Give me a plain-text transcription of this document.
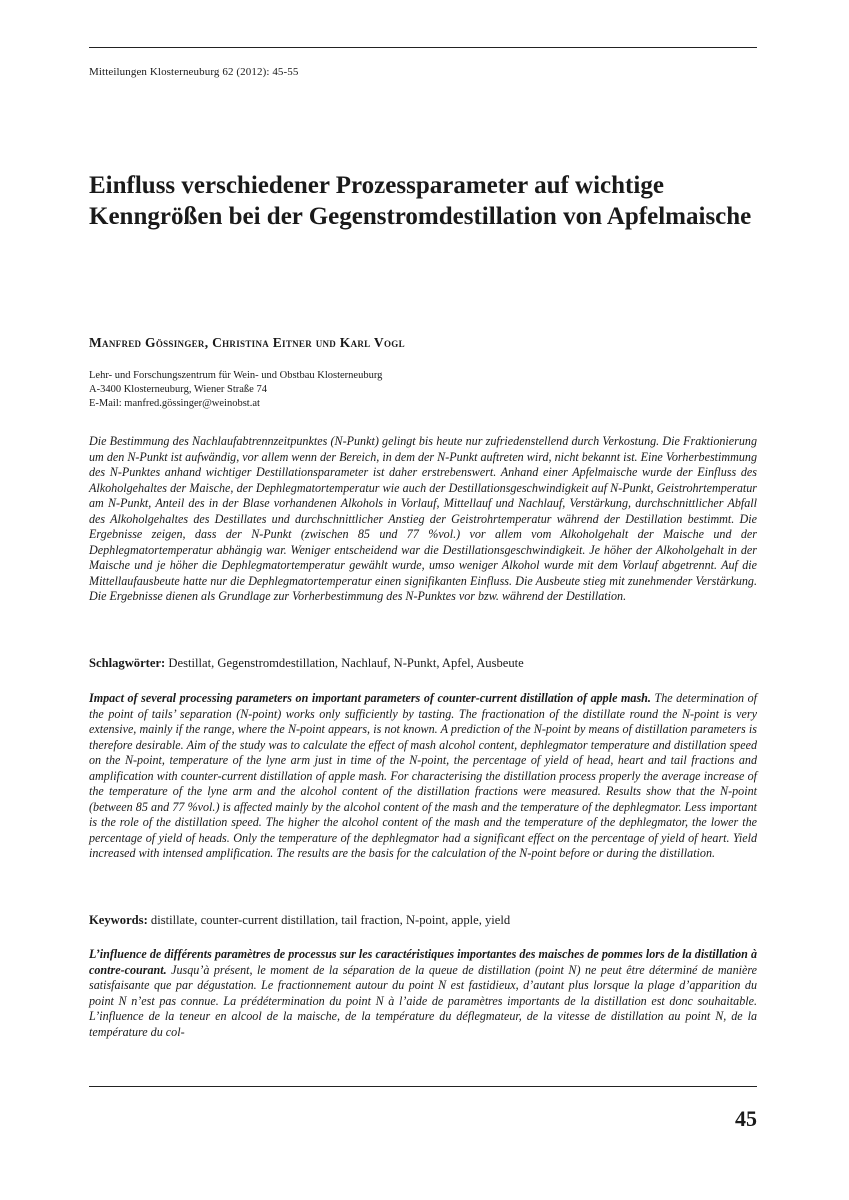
Mitteilungen Klosterneuburg 62 (2012): 45-55
Einfluss verschiedener Prozessparameter auf wichtige Kenngrößen bei der Gegenstromdestillation von Apfelmaische
Manfred Gössinger, Christina Eitner und Karl Vogl
Lehr- und Forschungszentrum für Wein- und Obstbau Klosterneuburg
A-3400 Klosterneuburg, Wiener Straße 74
E-Mail: manfred.gössinger@weinobst.at

Die Bestimmung des Nachlaufabtrennzeitpunktes (N-Punkt) gelingt bis heute nur zufriedenstellend durch Verkostung. Die Fraktionierung um den N-Punkt ist aufwändig, vor allem wenn der Bereich, in dem der N-Punkt auftreten wird, nicht bekannt ist. Eine Vorherbestimmung des N-Punktes anhand wichtiger Destillationsparameter ist daher erstrebenswert. Anhand einer Apfelmaische wurde der Einfluss des Alkoholgehaltes der Maische, der Dephlegmatortemperatur wie auch der Destillationsgeschwindigkeit auf N-Punkt, Geistrohrtemperatur am N-Punkt, Anteil des in der Blase vorhandenen Alkohols in Vorlauf, Mittellauf und Nachlauf, Verstärkung, durchschnittlicher Abfall des Alkoholgehaltes des Destillates und durchschnittlicher Anstieg der Geistrohrtemperatur während der Destillation bestimmt. Die Ergebnisse zeigen, dass der N-Punkt (zwischen 85 und 77 %vol.) vor allem vom Alkoholgehalt der Maische und der Dephlegmatortemperatur abhängig war. Weniger entscheidend war die Destillationsgeschwindigkeit. Je höher der Alkoholgehalt in der Maische und je höher die Dephlegmatortemperatur gewählt wurde, umso weniger Alkohol wurde mit dem Vorlauf abgetrennt. Auf die Mittellaufausbeute hatte nur die Dephlegmatortemperatur einen signifikanten Einfluss. Die Ausbeute stieg mit zunehmender Verstärkung. Die Ergebnisse dienen als Grundlage zur Vorherbestimmung des N-Punktes vor bzw. während der Destillation.

Schlagwörter: Destillat, Gegenstromdestillation, Nachlauf, N-Punkt, Apfel, Ausbeute

Impact of several processing parameters on important parameters of counter-current distillation of apple mash. The determination of the point of tails’ separation (N-point) works only sufficiently by tasting. The fractionation of the distillate round the N-point is very extensive, mainly if the range, where the N-point appears, is not known. A prediction of the N-point by means of distillation parameters is therefore desirable. Aim of the study was to calculate the effect of mash alcohol content, dephlegmator temperature and distillation speed on the N-point, temperature of the lyne arm just in time of the N-point, the percentage of yield of head, heart and tail fractions and amplification with counter-current distillation of apple mash. For characterising the distillation process properly the average increase of the temperature of the lyne arm and the alcohol content of the distillation fractions were measured. Results show that the N-point (between 85 and 77 %vol.) is affected mainly by the alcohol content of the mash and the temperature of the dephlegmator. Less important is the role of the distillation speed. The higher the alcohol content of the mash and the temperature of the dephlegmator, the lower the percentage of yield of heads. Only the temperature of the dephlegmator had a significant effect on the percentage of yield of heart. Yield increased with intensed amplification. The results are the basis for the calculation of the N-point before or during the distillation.

Keywords: distillate, counter-current distillation, tail fraction, N-point, apple, yield

L’influence de différents paramètres de processus sur les caractéristiques importantes des maisches de pommes lors de la distillation à contre-courant. Jusqu’à présent, le moment de la séparation de la queue de distillation (point N) ne peut être déterminé de manière satisfaisante que par dégustation. Le fractionnement autour du point N est fastidieux, d’autant plus lorsque la plage d’apparition du point N n’est pas connue. La prédétermination du point N à l’aide de paramètres importants de la distillation est donc souhaitable. L’influence de la teneur en alcool de la maische, de la température du déflegmateur, de la vitesse de distillation au point N, de la température du col-

45
